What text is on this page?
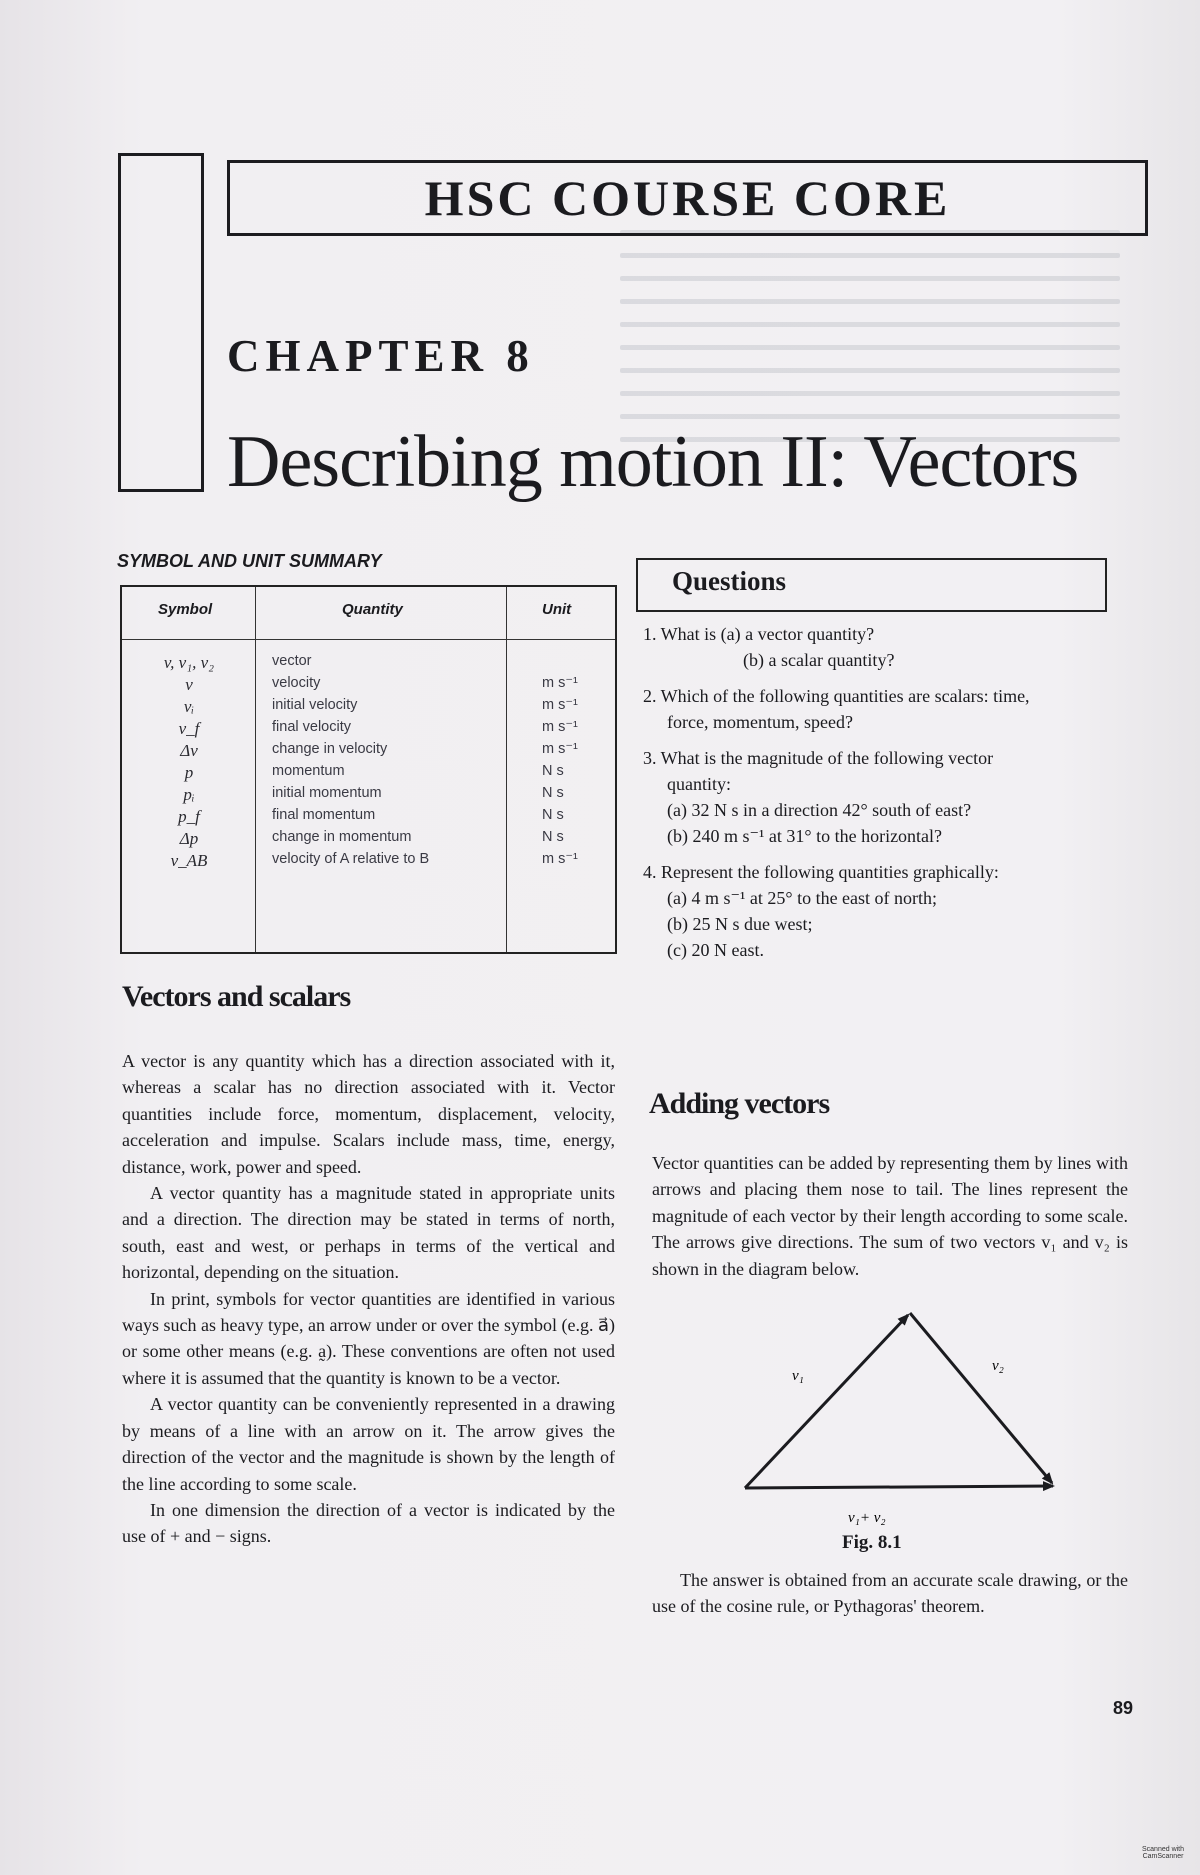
HSC COURSE CORE
CHAPTER 8
Describing motion II: Vectors
SYMBOL AND UNIT SUMMARY
Symbol	Quantity	Unit
v, v₁, v₂	vector
v	velocity	m s⁻¹
vᵢ	initial velocity	m s⁻¹
v_f	final velocity	m s⁻¹
Δv	change in velocity	m s⁻¹
p	momentum	N s
pᵢ	initial momentum	N s
p_f	final momentum	N s
Δp	change in momentum	N s
v_AB	velocity of A relative to B	m s⁻¹
Questions
1. What is (a) a vector quantity?
(b) a scalar quantity?
2. Which of the following quantities are scalars: time,
force, momentum, speed?
3. What is the magnitude of the following vector
quantity:
(a) 32 N s in a direction 42° south of east?
(b) 240 m s⁻¹ at 31° to the horizontal?
4. Represent the following quantities graphically:
(a) 4 m s⁻¹ at 25° to the east of north;
(b) 25 N s due west;
(c) 20 N east.
Vectors and scalars

A vector is any quantity which has a direction associated with it, whereas a scalar has no direction associated with it. Vector quantities include force, momentum, displacement, velocity, acceleration and impulse. Scalars include mass, time, energy, distance, work, power and speed.

A vector quantity has a magnitude stated in appropriate units and a direction. The direction may be stated in terms of north, south, east and west, or perhaps in terms of the vertical and horizontal, depending on the situation.

In print, symbols for vector quantities are identified in various ways such as heavy type, an arrow under or over the symbol (e.g. a⃗) or some other means (e.g. a̰). These conventions are often not used where it is assumed that the quantity is known to be a vector.

A vector quantity can be conveniently represented in a drawing by means of a line with an arrow on it. The arrow gives the direction of the vector and the magnitude is shown by the length of the line according to some scale.

In one dimension the direction of a vector is indicated by the use of + and − signs.

Adding vectors

Vector quantities can be added by representing them by lines with arrows and placing them nose to tail. The lines represent the magnitude of each vector by their length according to some scale. The arrows give directions. The sum of two vectors v₁ and v₂ is shown in the diagram below.

v₁
v₂
v₁+ v₂
Fig. 8.1

The answer is obtained from an accurate scale drawing, or the use of the cosine rule, or Pythagoras' theorem.

89
Scanned with CamScanner
